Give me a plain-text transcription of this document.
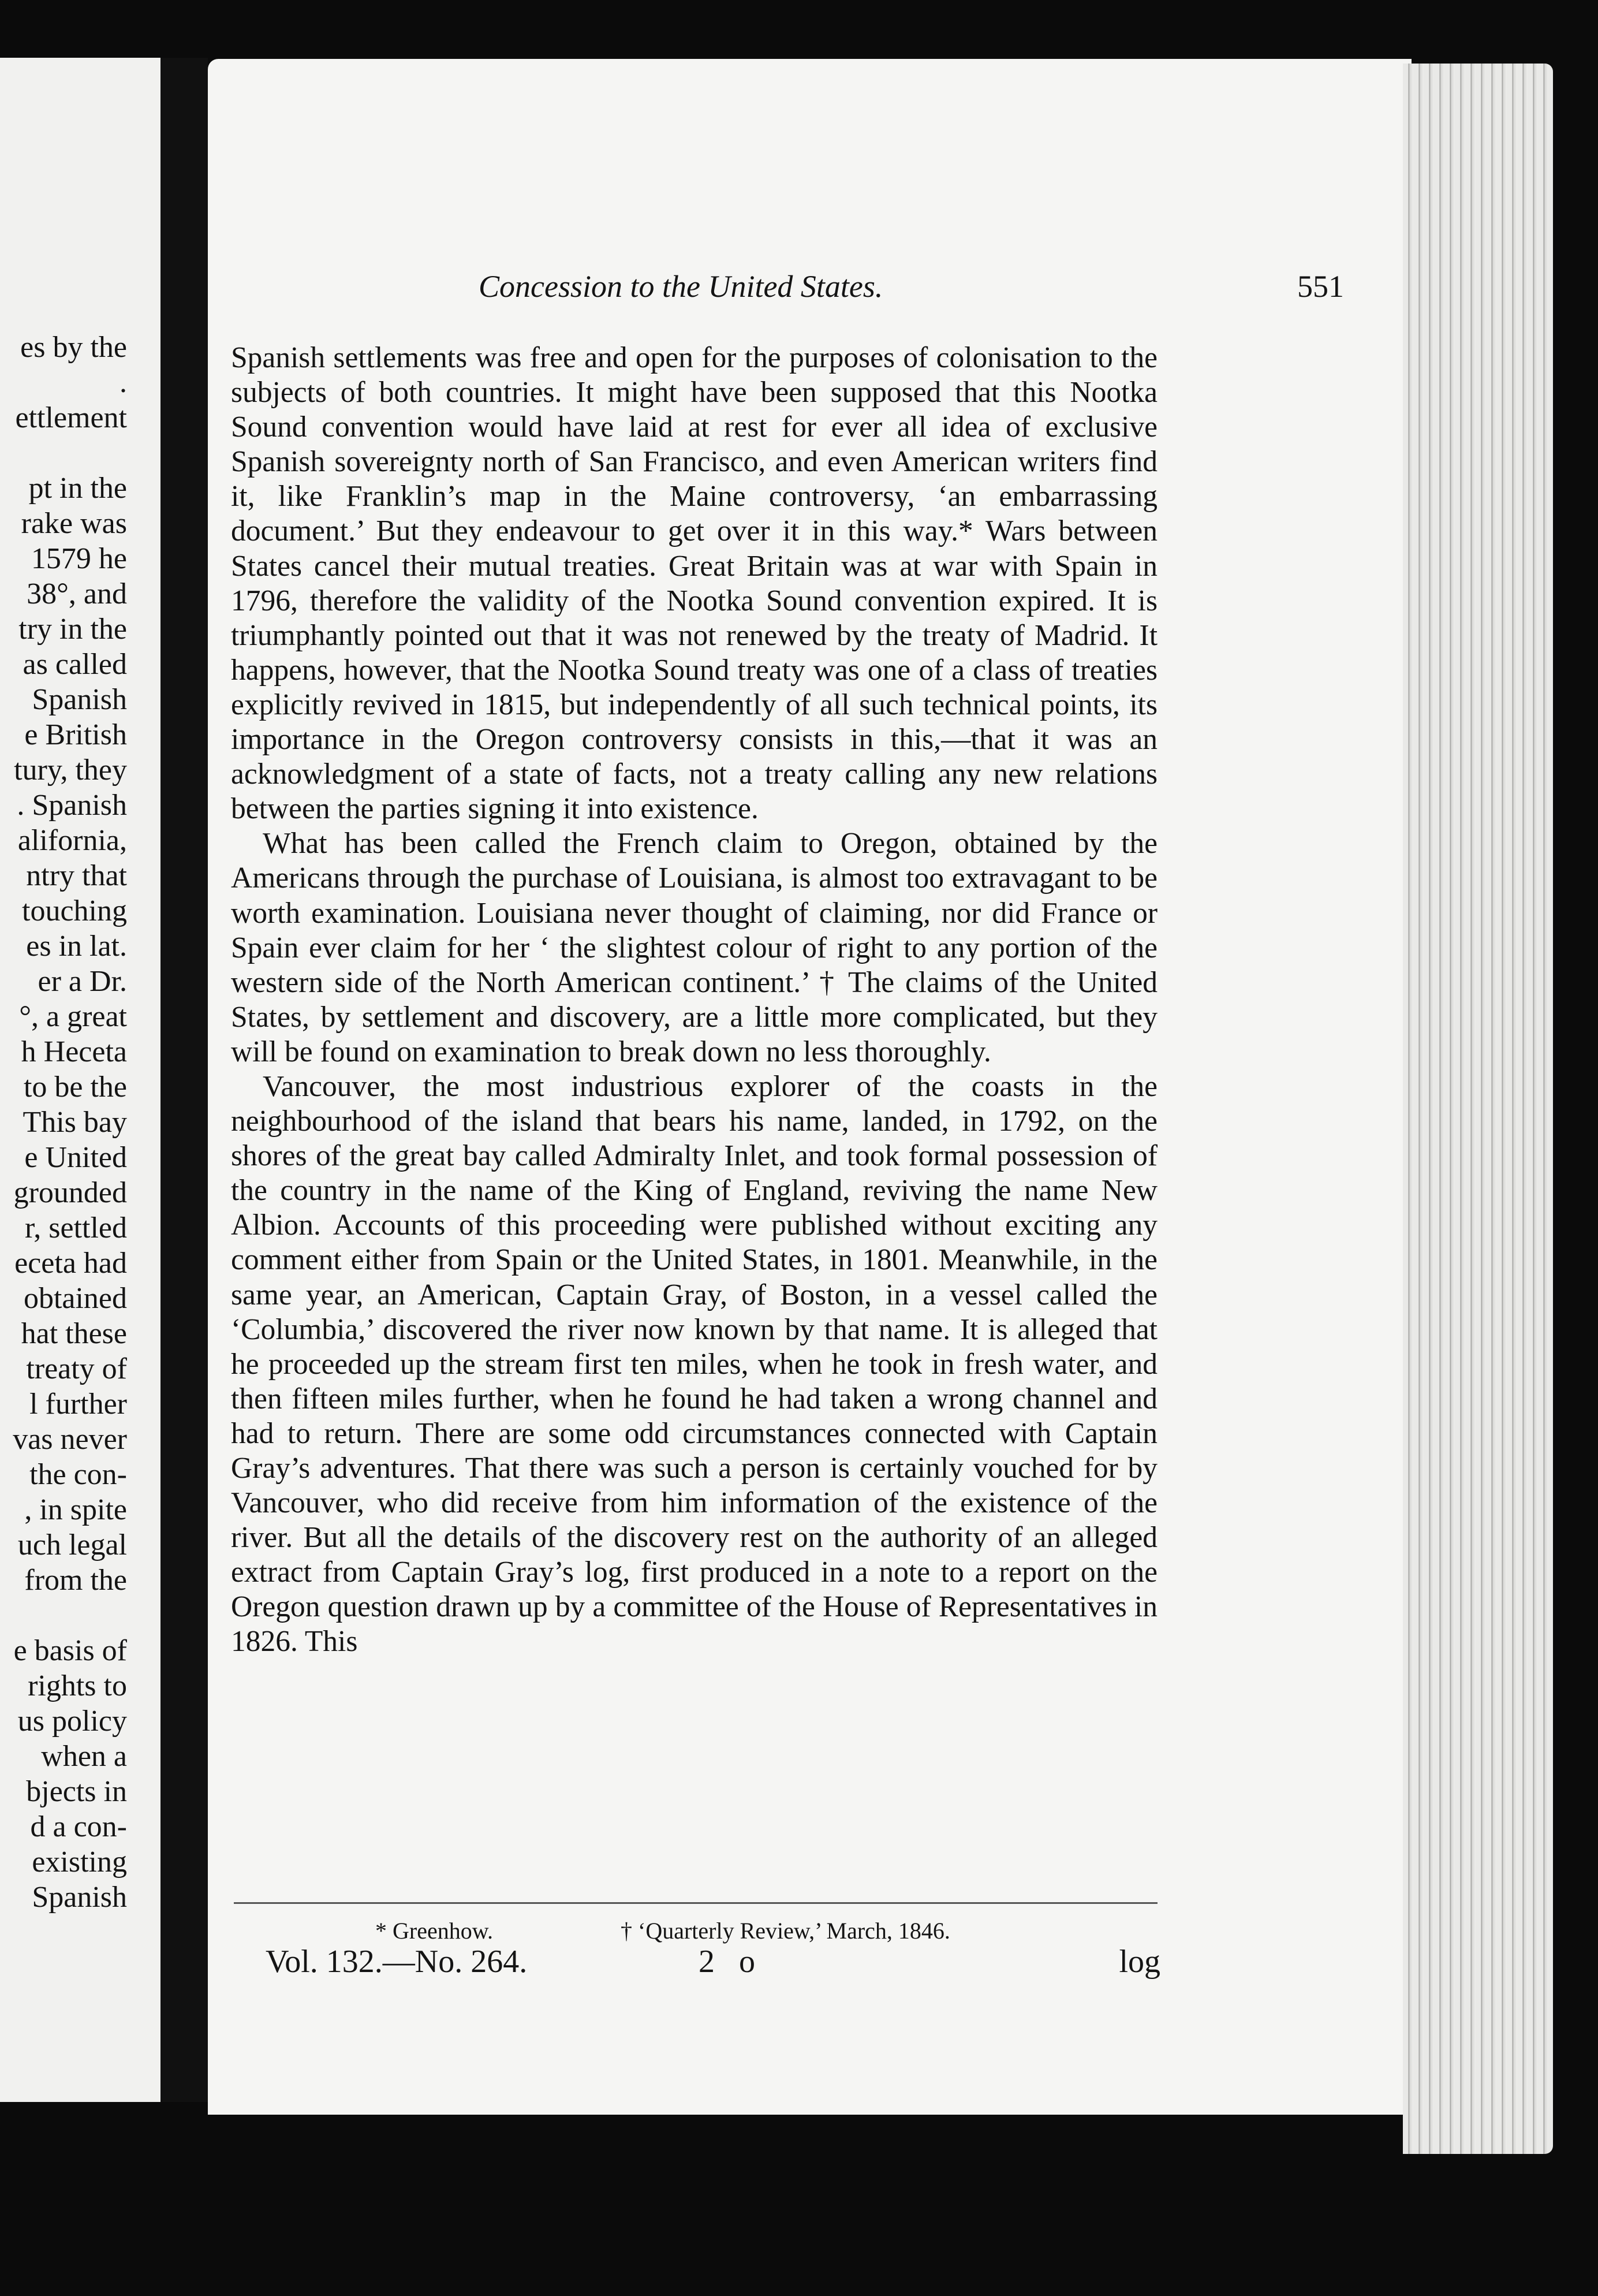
es by the
.
ettlement
pt in the
rake was
1579 he
38°, and
try in the
as called
Spanish
e British
tury, they
. Spanish
alifornia,
ntry that
touching
es in lat.
er a Dr.
°, a great
h Heceta
to be the
This bay
e United
grounded
r, settled
eceta had
obtained
hat these
treaty of
l further
vas never
the con-
, in spite
uch legal
from the
e basis of
rights to
us policy
when a
bjects in
d a con-
existing
Spanish
Concession to the United States.	551

Spanish settlements was free and open for the purposes of colonisation to the subjects of both countries. It might have been supposed that this Nootka Sound convention would have laid at rest for ever all idea of exclusive Spanish sovereignty north of San Francisco, and even American writers find it, like Franklin’s map in the Maine controversy, ‘an embarrassing document.’ But they endeavour to get over it in this way.* Wars between States cancel their mutual treaties. Great Britain was at war with Spain in 1796, therefore the validity of the Nootka Sound convention expired. It is triumphantly pointed out that it was not renewed by the treaty of Madrid. It happens, however, that the Nootka Sound treaty was one of a class of treaties explicitly revived in 1815, but independently of all such technical points, its importance in the Oregon controversy consists in this,—that it was an acknowledgment of a state of facts, not a treaty calling any new relations between the parties signing it into existence.

What has been called the French claim to Oregon, obtained by the Americans through the purchase of Louisiana, is almost too extravagant to be worth examination. Louisiana never thought of claiming, nor did France or Spain ever claim for her ‘ the slightest colour of right to any portion of the western side of the North American continent.’ † The claims of the United States, by settlement and discovery, are a little more complicated, but they will be found on examination to break down no less thoroughly.

Vancouver, the most industrious explorer of the coasts in the neighbourhood of the island that bears his name, landed, in 1792, on the shores of the great bay called Admiralty Inlet, and took formal possession of the country in the name of the King of England, reviving the name New Albion. Accounts of this proceeding were published without exciting any comment either from Spain or the United States, in 1801. Meanwhile, in the same year, an American, Captain Gray, of Boston, in a vessel called the ‘Columbia,’ discovered the river now known by that name. It is alleged that he proceeded up the stream first ten miles, when he took in fresh water, and then fifteen miles further, when he found he had taken a wrong channel and had to return. There are some odd circumstances connected with Captain Gray’s adventures. That there was such a person is certainly vouched for by Vancouver, who did receive from him information of the existence of the river. But all the details of the discovery rest on the authority of an alleged extract from Captain Gray’s log, first produced in a note to a report on the Oregon question drawn up by a committee of the House of Representatives in 1826. This

* Greenhow.	† ‘Quarterly Review,’ March, 1846.
Vol. 132.—No. 264.	2 o	log
